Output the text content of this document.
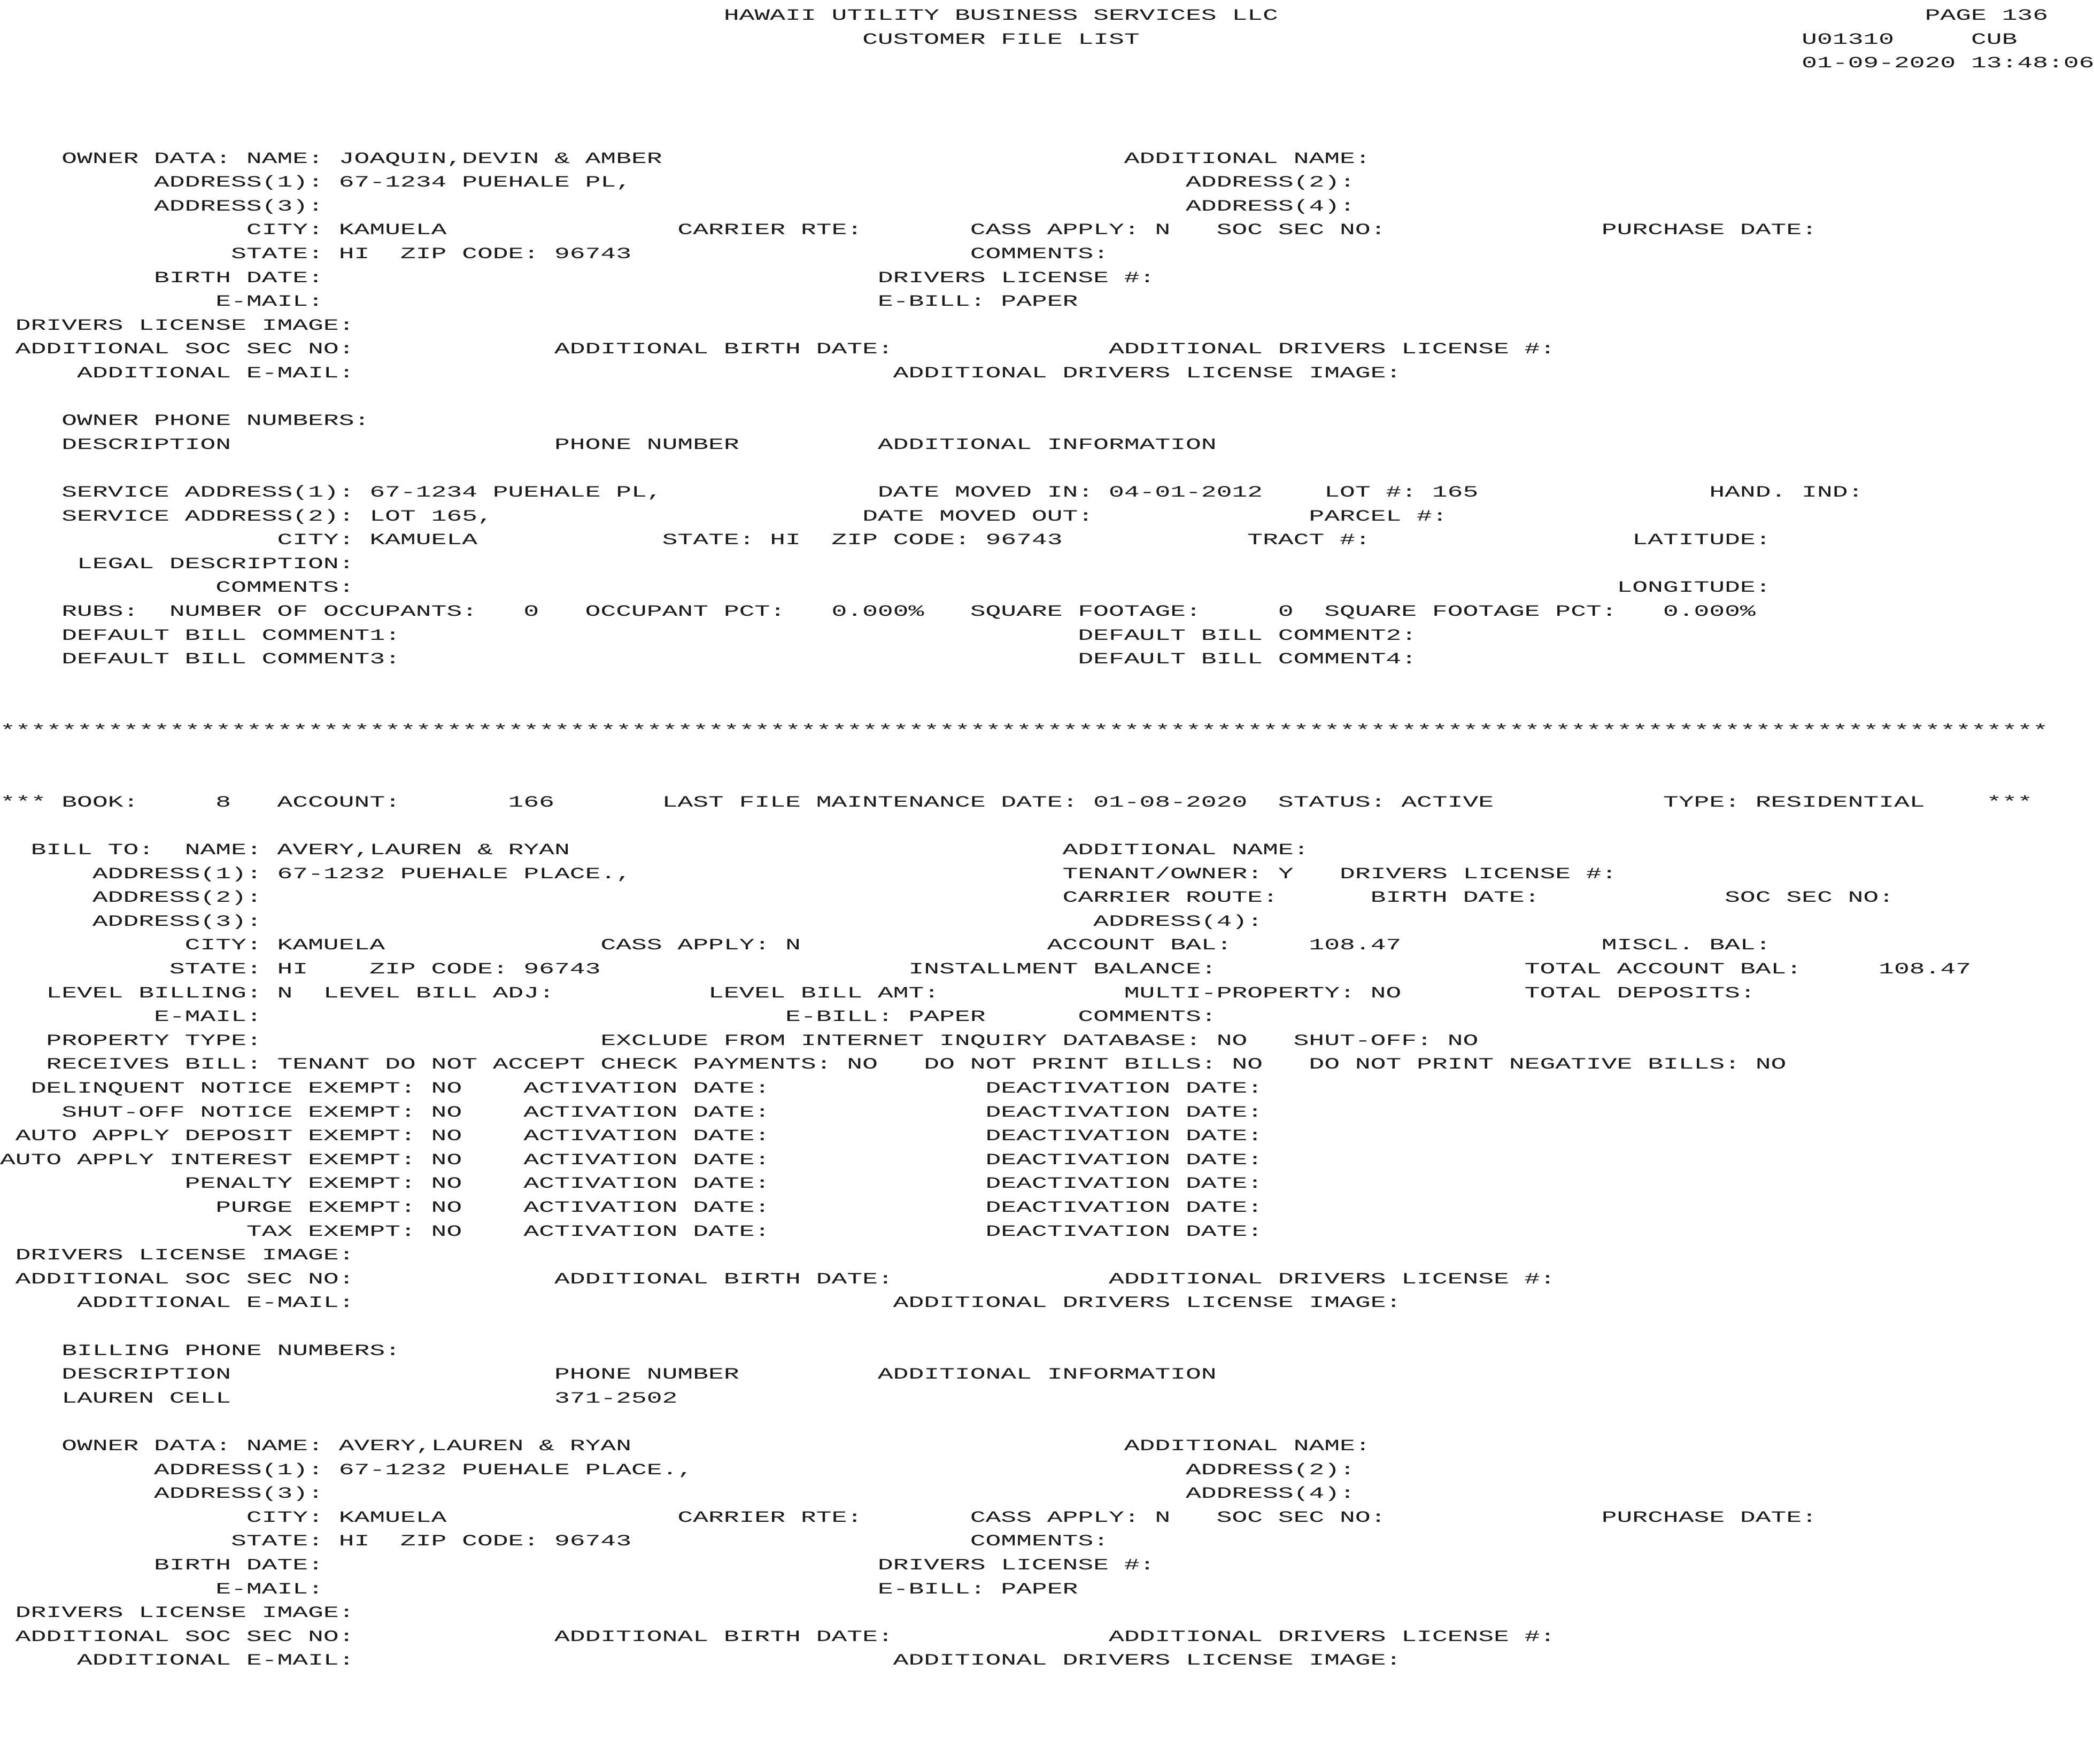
HAWAII UTILITY BUSINESS SERVICES LLC                                          PAGE 136
CUSTOMER FILE LIST                                           U01310     CUB
01-09-2020 13:48:06
OWNER DATA: NAME: JOAQUIN,DEVIN & AMBER                              ADDITIONAL NAME:
ADDRESS(1): 67-1234 PUEHALE PL,                                    ADDRESS(2):
ADDRESS(3):                                                        ADDRESS(4):
CITY: KAMUELA               CARRIER RTE:       CASS APPLY: N   SOC SEC NO:              PURCHASE DATE:
STATE: HI  ZIP CODE: 96743                      COMMENTS:
BIRTH DATE:                                    DRIVERS LICENSE #:
E-MAIL:                                    E-BILL: PAPER
DRIVERS LICENSE IMAGE:
ADDITIONAL SOC SEC NO:             ADDITIONAL BIRTH DATE:              ADDITIONAL DRIVERS LICENSE #:
ADDITIONAL E-MAIL:                                   ADDITIONAL DRIVERS LICENSE IMAGE:
OWNER PHONE NUMBERS:
DESCRIPTION                     PHONE NUMBER         ADDITIONAL INFORMATION
SERVICE ADDRESS(1): 67-1234 PUEHALE PL,              DATE MOVED IN: 04-01-2012    LOT #: 165               HAND. IND:
SERVICE ADDRESS(2): LOT 165,                        DATE MOVED OUT:              PARCEL #:
CITY: KAMUELA            STATE: HI  ZIP CODE: 96743            TRACT #:                 LATITUDE:
LEGAL DESCRIPTION:
COMMENTS:                                                                                  LONGITUDE:
RUBS:  NUMBER OF OCCUPANTS:   0   OCCUPANT PCT:   0.000%   SQUARE FOOTAGE:     0  SQUARE FOOTAGE PCT:   0.000%
DEFAULT BILL COMMENT1:                                            DEFAULT BILL COMMENT2:
DEFAULT BILL COMMENT3:                                            DEFAULT BILL COMMENT4:
*************************************************************************************************************************************
*** BOOK:     8   ACCOUNT:       166       LAST FILE MAINTENANCE DATE: 01-08-2020  STATUS: ACTIVE           TYPE: RESIDENTIAL    ***
BILL TO:  NAME: AVERY,LAUREN & RYAN                                ADDITIONAL NAME:
ADDRESS(1): 67-1232 PUEHALE PLACE.,                            TENANT/OWNER: Y   DRIVERS LICENSE #:
ADDRESS(2):                                                    CARRIER ROUTE:      BIRTH DATE:            SOC SEC NO:
ADDRESS(3):                                                      ADDRESS(4):
CITY: KAMUELA              CASS APPLY: N                ACCOUNT BAL:     108.47             MISCL. BAL:
STATE: HI    ZIP CODE: 96743                    INSTALLMENT BALANCE:                    TOTAL ACCOUNT BAL:     108.47
LEVEL BILLING: N  LEVEL BILL ADJ:          LEVEL BILL AMT:            MULTI-PROPERTY: NO        TOTAL DEPOSITS:
E-MAIL:                                  E-BILL: PAPER      COMMENTS:
PROPERTY TYPE:                      EXCLUDE FROM INTERNET INQUIRY DATABASE: NO   SHUT-OFF: NO
RECEIVES BILL: TENANT DO NOT ACCEPT CHECK PAYMENTS: NO   DO NOT PRINT BILLS: NO   DO NOT PRINT NEGATIVE BILLS: NO
DELINQUENT NOTICE EXEMPT: NO    ACTIVATION DATE:              DEACTIVATION DATE:
SHUT-OFF NOTICE EXEMPT: NO    ACTIVATION DATE:              DEACTIVATION DATE:
AUTO APPLY DEPOSIT EXEMPT: NO    ACTIVATION DATE:              DEACTIVATION DATE:
AUTO APPLY INTEREST EXEMPT: NO    ACTIVATION DATE:              DEACTIVATION DATE:
PENALTY EXEMPT: NO    ACTIVATION DATE:              DEACTIVATION DATE:
PURGE EXEMPT: NO    ACTIVATION DATE:              DEACTIVATION DATE:
TAX EXEMPT: NO    ACTIVATION DATE:              DEACTIVATION DATE:
DRIVERS LICENSE IMAGE:
ADDITIONAL SOC SEC NO:             ADDITIONAL BIRTH DATE:              ADDITIONAL DRIVERS LICENSE #:
ADDITIONAL E-MAIL:                                   ADDITIONAL DRIVERS LICENSE IMAGE:
BILLING PHONE NUMBERS:
DESCRIPTION                     PHONE NUMBER         ADDITIONAL INFORMATION
LAUREN CELL                     371-2502
OWNER DATA: NAME: AVERY,LAUREN & RYAN                                ADDITIONAL NAME:
ADDRESS(1): 67-1232 PUEHALE PLACE.,                                ADDRESS(2):
ADDRESS(3):                                                        ADDRESS(4):
CITY: KAMUELA               CARRIER RTE:       CASS APPLY: N   SOC SEC NO:              PURCHASE DATE:
STATE: HI  ZIP CODE: 96743                      COMMENTS:
BIRTH DATE:                                    DRIVERS LICENSE #:
E-MAIL:                                    E-BILL: PAPER
DRIVERS LICENSE IMAGE:
ADDITIONAL SOC SEC NO:             ADDITIONAL BIRTH DATE:              ADDITIONAL DRIVERS LICENSE #:
ADDITIONAL E-MAIL:                                   ADDITIONAL DRIVERS LICENSE IMAGE:
